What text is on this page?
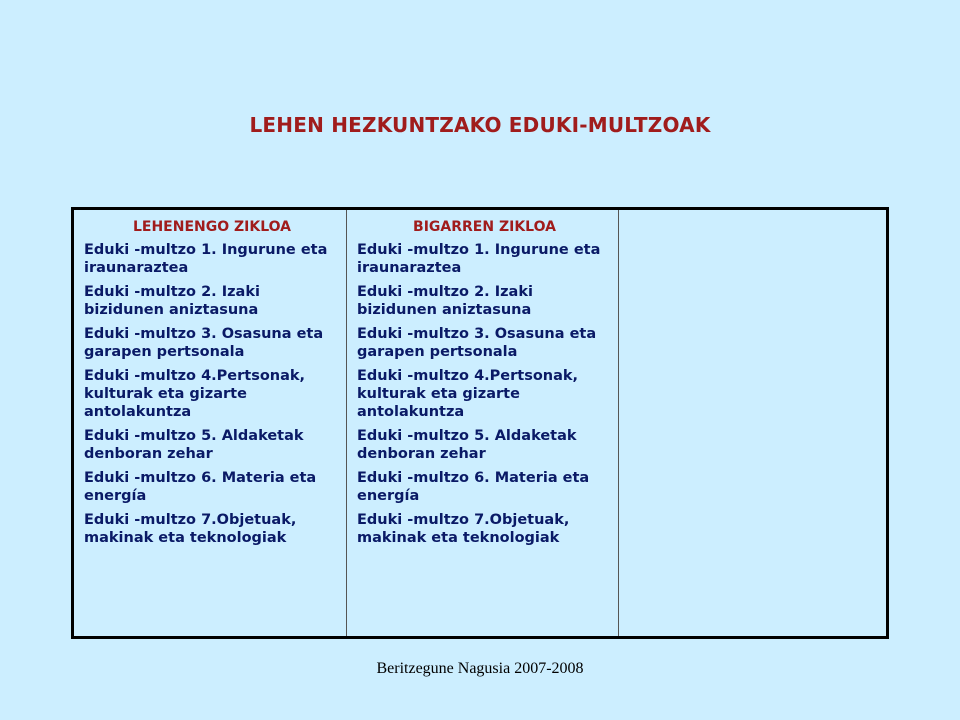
LEHEN HEZKUNTZAKO EDUKI-MULTZOAK
LEHENENGO ZIKLOA
Eduki -multzo 1. Ingurune eta iraunaraztea
Eduki -multzo 2. Izaki bizidunen aniztasuna
Eduki -multzo 3. Osasuna eta garapen pertsonala
Eduki -multzo 4.Pertsonak, kulturak eta gizarte antolakuntza
Eduki -multzo 5. Aldaketak denboran zehar
Eduki -multzo 6. Materia eta energía
Eduki -multzo 7.Objetuak, makinak eta teknologiak
BIGARREN ZIKLOA
Eduki -multzo 1. Ingurune eta iraunaraztea
Eduki -multzo 2. Izaki bizidunen aniztasuna
Eduki -multzo 3. Osasuna eta garapen pertsonala
Eduki -multzo 4.Pertsonak, kulturak eta gizarte antolakuntza
Eduki -multzo 5. Aldaketak denboran zehar
Eduki -multzo 6. Materia eta energía
Eduki -multzo 7.Objetuak, makinak eta teknologiak
Beritzegune Nagusia 2007-2008
